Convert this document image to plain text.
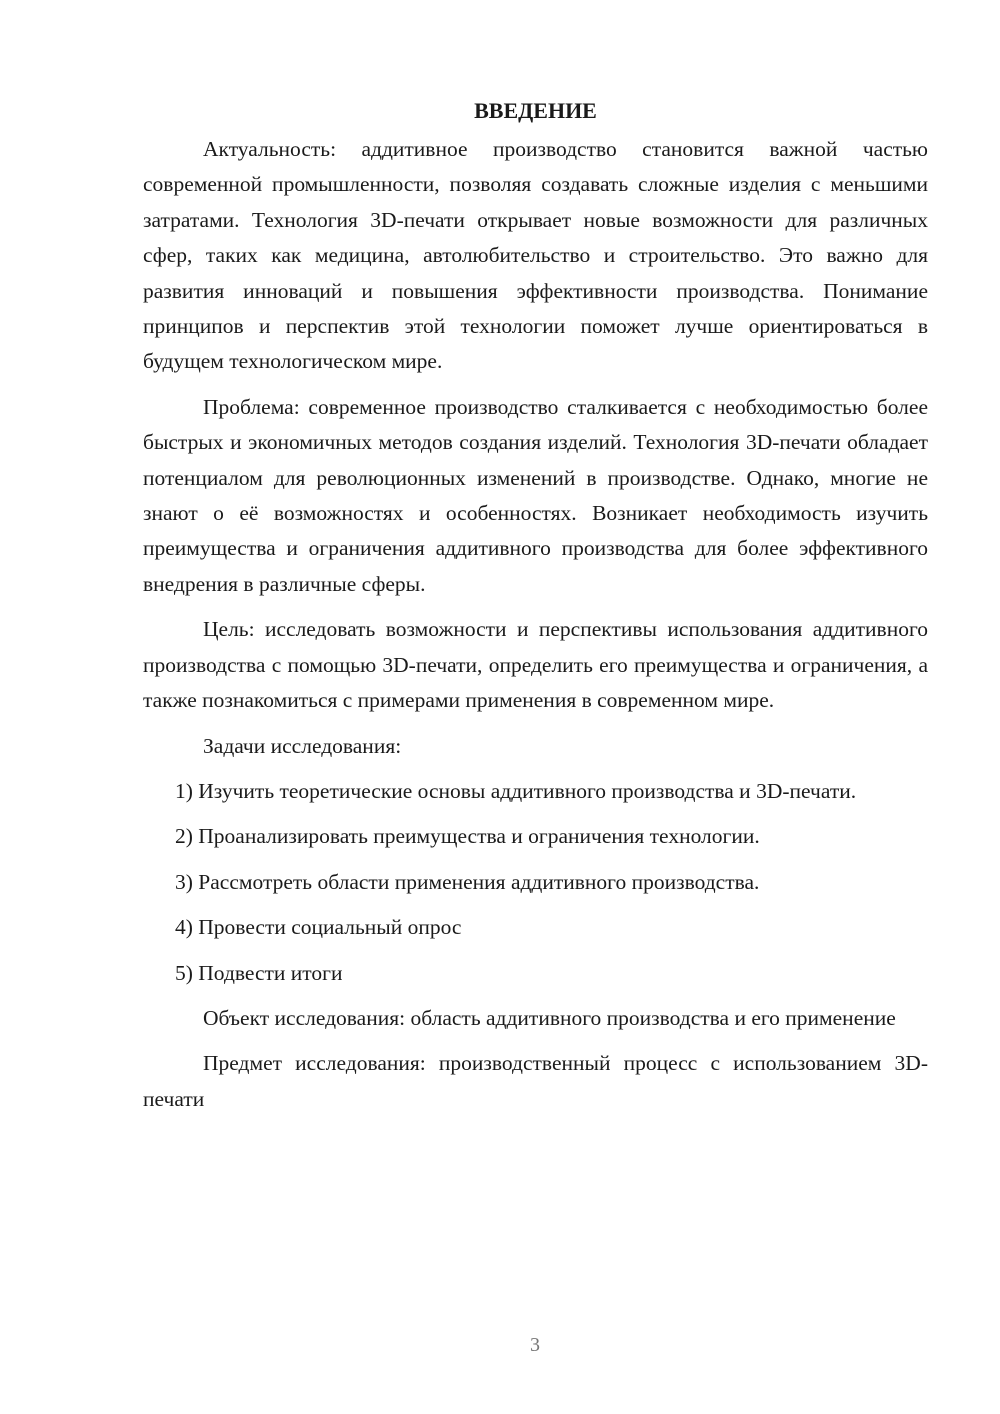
ВВЕДЕНИЕ

Актуальность: аддитивное производство становится важной частью современной промышленности, позволяя создавать сложные изделия с меньшими затратами. Технология 3D-печати открывает новые возможности для различных сфер, таких как медицина, автолюбительство и строительство. Это важно для развития инноваций и повышения эффективности производства. Понимание принципов и перспектив этой технологии поможет лучше ориентироваться в будущем технологическом мире.

Проблема: современное производство сталкивается с необходимостью более быстрых и экономичных методов создания изделий. Технология 3D-печати обладает потенциалом для революционных изменений в производстве. Однако, многие не знают о её возможностях и особенностях. Возникает необходимость изучить преимущества и ограничения аддитивного производства для более эффективного внедрения в различные сферы.

Цель: исследовать возможности и перспективы использования аддитивного производства с помощью 3D-печати, определить его преимущества и ограничения, а также познакомиться с примерами применения в современном мире.

Задачи исследования:

1) Изучить теоретические основы аддитивного производства и 3D-печати.

2) Проанализировать преимущества и ограничения технологии.

3) Рассмотреть области применения аддитивного производства.

4) Провести социальный опрос

5) Подвести итоги

Объект исследования: область аддитивного производства и его применение

Предмет исследования: производственный процесс с использованием 3D-печати

3
